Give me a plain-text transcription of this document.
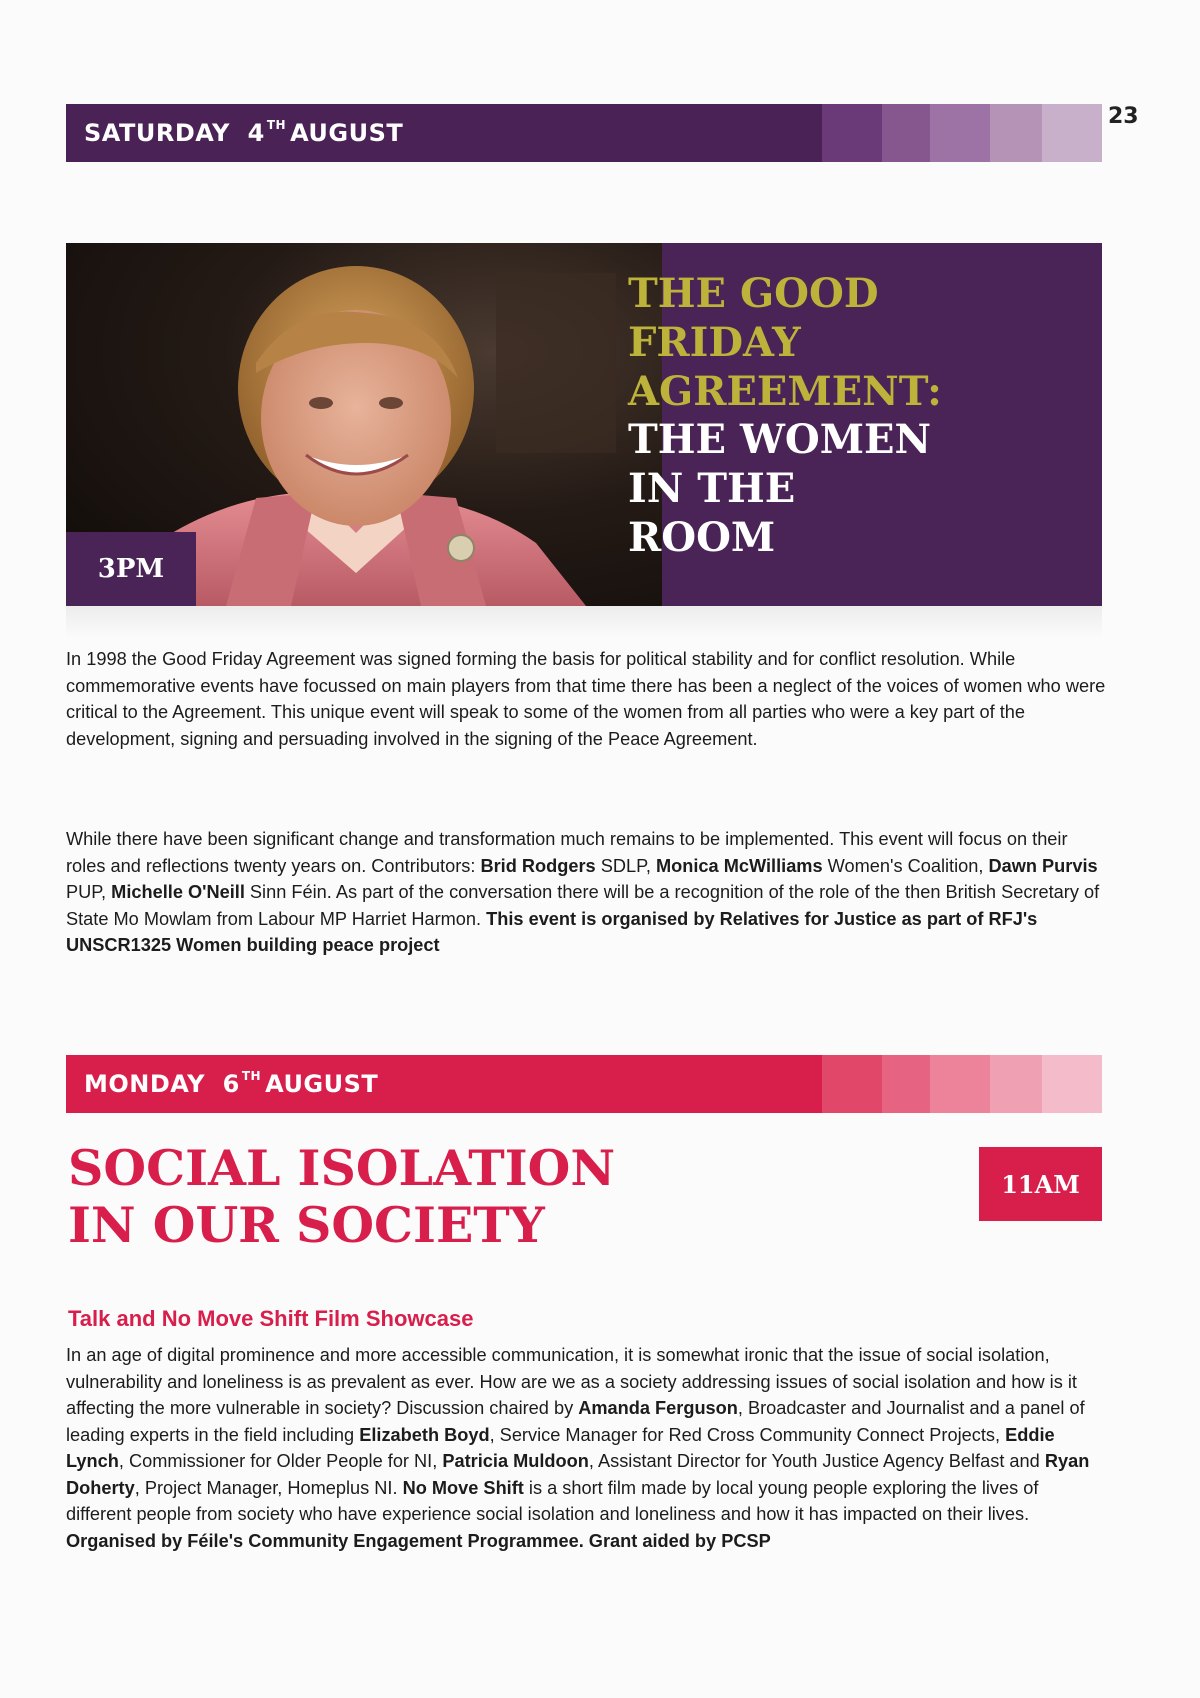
23
SATURDAY 4 $^{TH}$ AUGUST
3PM
THE GOOD
FRIDAY
AGREEMENT:
THE WOMEN
IN THE
ROOM
In 1998 the Good Friday Agreement was signed forming the basis for political stability and for conflict resolution. While commemorative events have focussed on main players from that time there has been a neglect of the voices of women who were critical to the Agreement. This unique event will speak to some of the women from all parties who were a key part of the development, signing and persuading involved in the signing of the Peace Agreement.
While there have been significant change and transformation much remains to be implemented. This event will focus on their roles and reflections twenty years on. Contributors: Brid Rodgers SDLP, Monica McWilliams Women's Coalition, Dawn Purvis PUP, Michelle O'Neill Sinn Féin. As part of the conversation there will be a recognition of the role of the then British Secretary of State Mo Mowlam from Labour MP Harriet Harmon. This event is organised by Relatives for Justice as part of RFJ's UNSCR1325 Women building peace project
MONDAY 6 $^{TH}$ AUGUST
SOCIAL ISOLATION
IN OUR SOCIETY
11AM
Talk and No Move Shift Film Showcase
In an age of digital prominence and more accessible communication, it is somewhat ironic that the issue of social isolation, vulnerability and loneliness is as prevalent as ever. How are we as a society addressing issues of social isolation and how is it affecting the more vulnerable in society? Discussion chaired by Amanda Ferguson, Broadcaster and Journalist and a panel of leading experts in the field including Elizabeth Boyd, Service Manager for Red Cross Community Connect Projects, Eddie Lynch, Commissioner for Older People for NI, Patricia Muldoon, Assistant Director for Youth Justice Agency Belfast and Ryan Doherty, Project Manager, Homeplus NI. No Move Shift is a short film made by local young people exploring the lives of different people from society who have experience social isolation and loneliness and how it has impacted on their lives. Organised by Féile's Community Engagement Programmee. Grant aided by PCSP
